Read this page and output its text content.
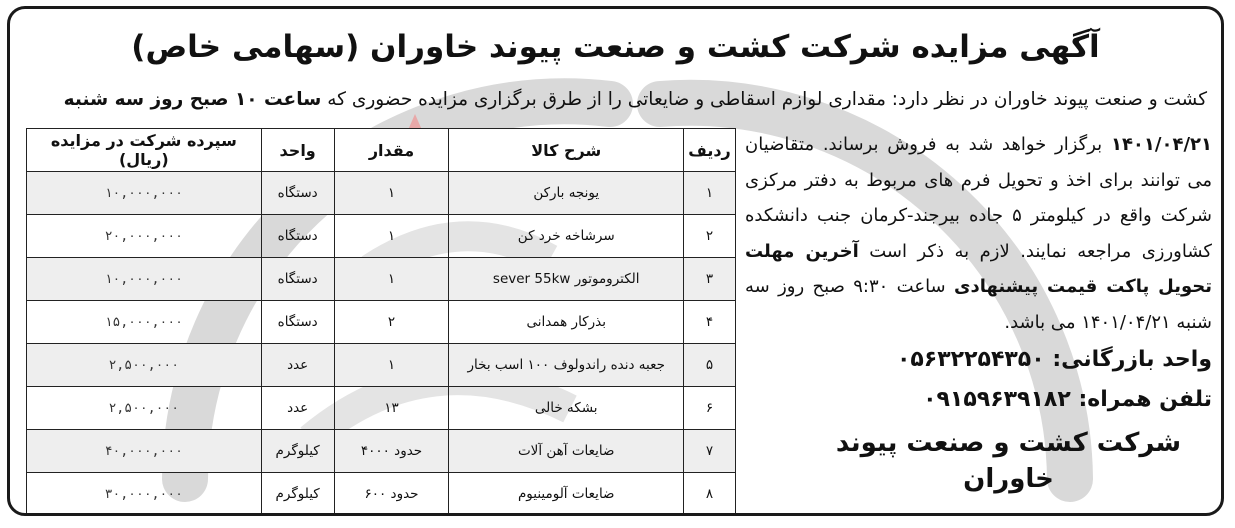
آگهی مزایده شرکت کشت و صنعت پیوند خاوران (سهامی خاص)
کشت و صنعت پیوند خاوران در نظر دارد: مقداری لوازم اسقاطی و ضایعاتی را از طرق برگزاری مزایده حضوری که ساعت ۱۰ صبح روز سه شنبه
۱۴۰۱/۰۴/۲۱ برگزار خواهد شد به فروش برساند. متقاضیان می توانند برای اخذ و تحویل فرم های مربوط به دفتر مرکزی شرکت واقع در کیلومتر ۵ جاده بیرجند-کرمان جنب دانشکده کشاورزی مراجعه نمایند. لازم به ذکر است آخرین مهلت تحویل پاکت قیمت پیشنهادی ساعت ۹:۳۰ صبح روز سه شنبه ۱۴۰۱/۰۴/۲۱ می باشد.
واحد بازرگانی: ۰۵۶۳۲۲۵۴۳۵۰
تلفن همراه: ۰۹۱۵۹۶۳۹۱۸۲
شرکت کشت و صنعت پیوند خاوران
ردیف	شرح کالا	مقدار	واحد	سپرده شرکت در مزایده (ریال)
۱	یونجه بارکن	۱	دستگاه	۱۰,۰۰۰,۰۰۰
۲	سرشاخه خرد کن	۱	دستگاه	۲۰,۰۰۰,۰۰۰
۳	الکتروموتور sever 55kw	۱	دستگاه	۱۰,۰۰۰,۰۰۰
۴	بذرکار همدانی	۲	دستگاه	۱۵,۰۰۰,۰۰۰
۵	جعبه دنده راندولوف ۱۰۰ اسب بخار	۱	عدد	۲,۵۰۰,۰۰۰
۶	بشکه خالی	۱۳	عدد	۲,۵۰۰,۰۰۰
۷	ضایعات آهن آلات	حدود ۴۰۰۰	کیلوگرم	۴۰,۰۰۰,۰۰۰
۸	ضایعات آلومینیوم	حدود ۶۰۰	کیلوگرم	۳۰,۰۰۰,۰۰۰
